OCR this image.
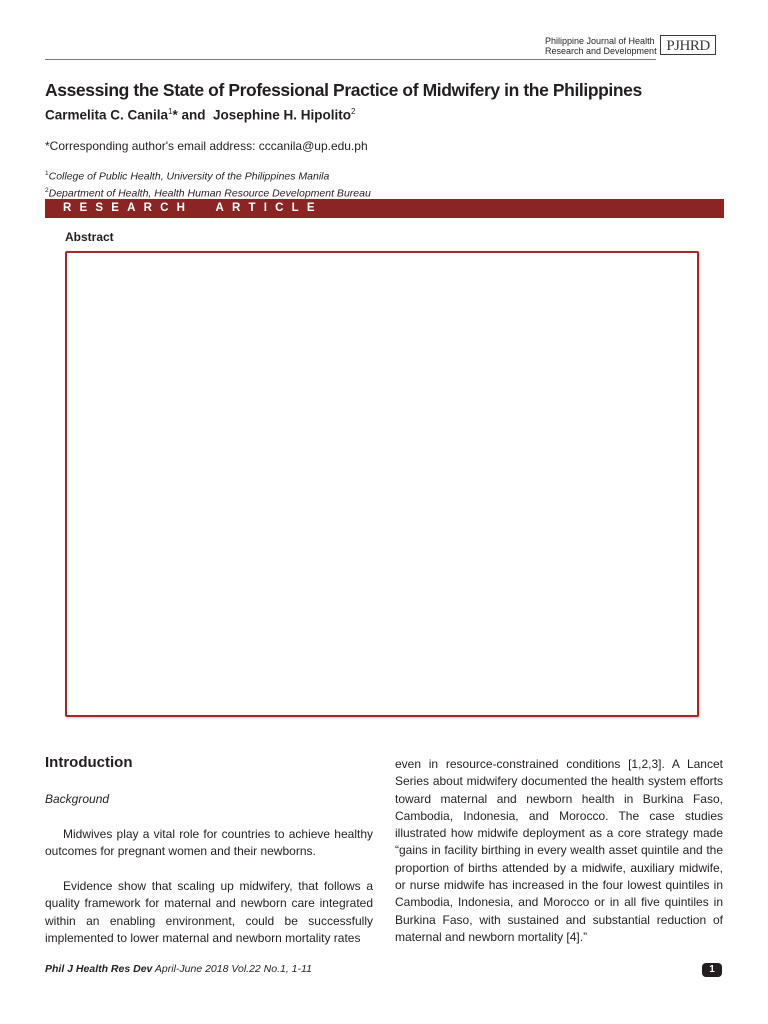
Philippine Journal of Health
Research and Development PJHRD
Assessing the State of Professional Practice of Midwifery in the Philippines
Carmelita C. Canila$^1$* and  Josephine H. Hipolito$^2$
*Corresponding author's email address: cccanila@up.edu.ph
$^1$College of Public Health, University of the Philippines Manila
$^2$Department of Health, Health Human Resource Development Bureau
RESEARCH  ARTICLE
Abstract
Introduction
Background
Midwives play a vital role for countries to achieve healthy outcomes for pregnant women and their newborns.
Evidence show that scaling up midwifery, that follows a quality framework for maternal and newborn care integrated within an enabling environment, could be successfully implemented to lower maternal and newborn mortality rates
even in resource-constrained conditions [1,2,3]. A Lancet Series about midwifery documented the health system efforts toward maternal and newborn health in Burkina Faso, Cambodia, Indonesia, and Morocco. The case studies illustrated how midwife deployment as a core strategy made “gains in facility birthing in every wealth asset quintile and the proportion of births attended by a midwife, auxiliary midwife, or nurse midwife has increased in the four lowest quintiles in Cambodia, Indonesia, and Morocco or in all five quintiles in Burkina Faso, with sustained and substantial reduction of maternal and newborn mortality [4].”
Phil J Health Res Dev April-June 2018 Vol.22 No.1, 1-11	1
